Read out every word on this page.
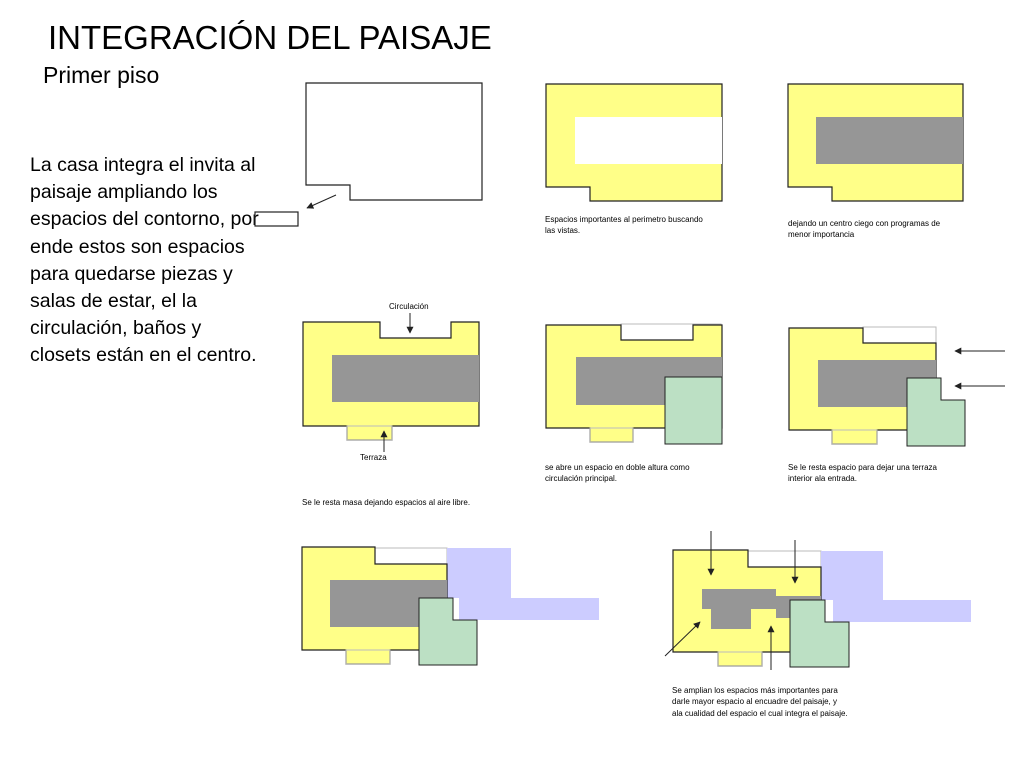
INTEGRACIÓN DEL PAISAJE
Primer piso
La casa integra el invita al paisaje ampliando los espacios del contorno, por ende estos son espacios para quedarse piezas y salas de estar, el la circulación, baños y closets están en el centro.
Espacios importantes al perimetro buscando
las vistas.
dejando un centro ciego con programas de
menor importancia
Circulación
Terraza
Se le resta masa dejando espacios al aire libre.
se abre un espacio en doble altura como
circulación principal.
Se le resta espacio para dejar una terraza
interior ala entrada.
Se amplian los espacios más importantes para
darle mayor espacio al encuadre del paisaje, y
ala cualidad del espacio el cual integra el paisaje.
